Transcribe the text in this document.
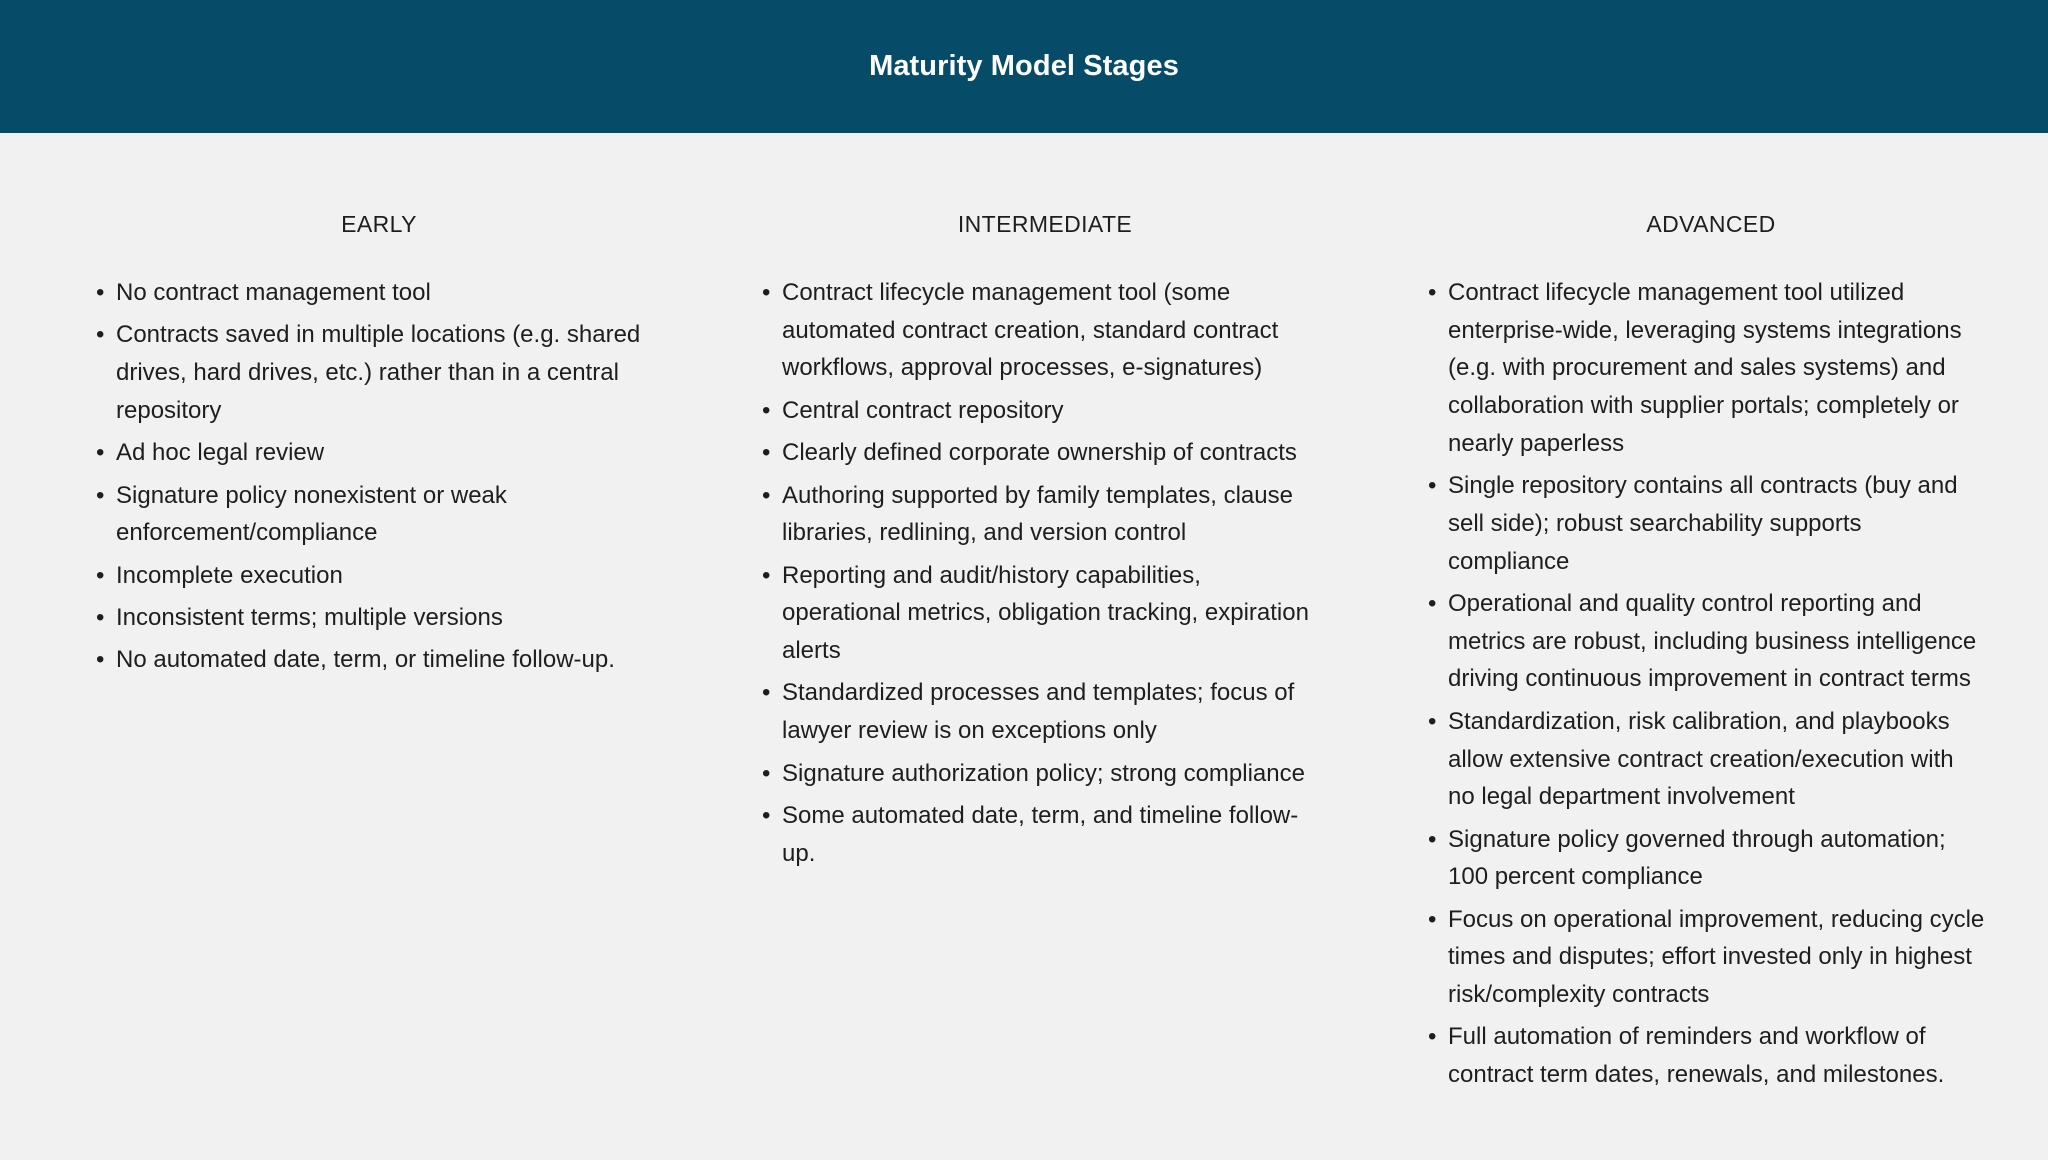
Maturity Model Stages
EARLY
• No contract management tool
• Contracts saved in multiple locations (e.g. shared drives, hard drives, etc.) rather than in a central repository
• Ad hoc legal review
• Signature policy nonexistent or weak enforcement/compliance
• Incomplete execution
• Inconsistent terms; multiple versions
• No automated date, term, or timeline follow-up.
INTERMEDIATE
• Contract lifecycle management tool (some automated contract creation, standard contract workflows, approval processes, e-signatures)
• Central contract repository
• Clearly defined corporate ownership of contracts
• Authoring supported by family templates, clause libraries, redlining, and version control
• Reporting and audit/history capabilities, operational metrics, obligation tracking, expiration alerts
• Standardized processes and templates; focus of lawyer review is on exceptions only
• Signature authorization policy; strong compliance
• Some automated date, term, and timeline follow-up.
ADVANCED
• Contract lifecycle management tool utilized enterprise-wide, leveraging systems integrations (e.g. with procurement and sales systems) and collaboration with supplier portals; completely or nearly paperless
• Single repository contains all contracts (buy and sell side); robust searchability supports compliance
• Operational and quality control reporting and metrics are robust, including business intelligence driving continuous improvement in contract terms
• Standardization, risk calibration, and playbooks allow extensive contract creation/execution with no legal department involvement
• Signature policy governed through automation; 100 percent compliance
• Focus on operational improvement, reducing cycle times and disputes; effort invested only in highest risk/complexity contracts
• Full automation of reminders and workflow of contract term dates, renewals, and milestones.
